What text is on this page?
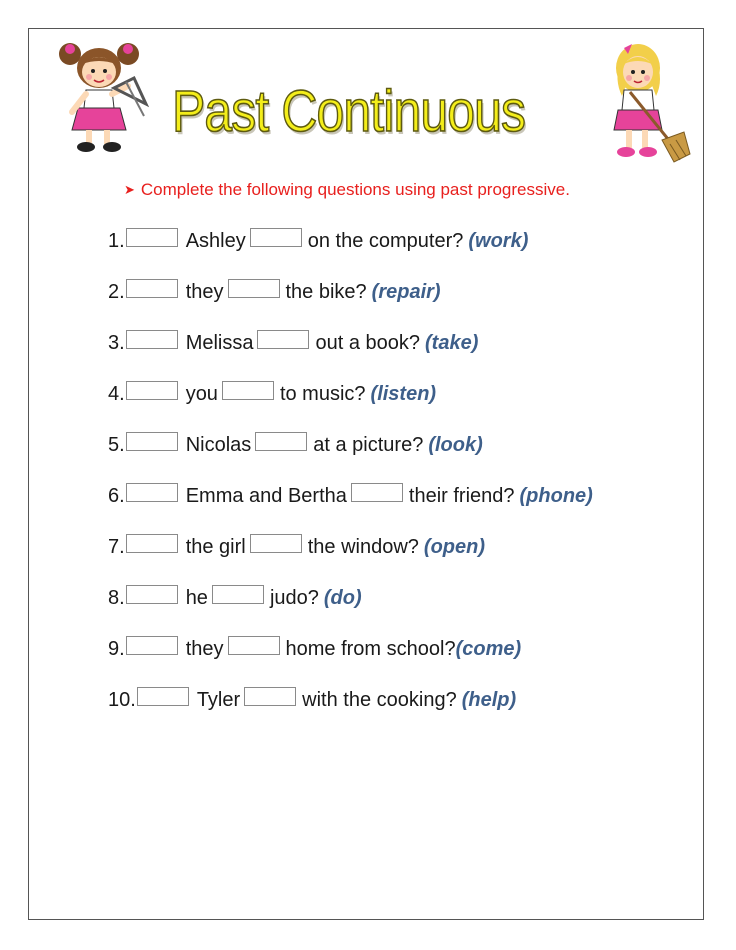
Past Continuous
➤ Complete the following questions using past progressive.
1.	Ashley	on the computer? (work)
2.	they	the bike? (repair)
3.	Melissa	out a book? (take)
4.	you	to music? (listen)
5.	Nicolas	at a picture? (look)
6.	Emma and Bertha	their friend? (phone)
7.	the girl	the window? (open)
8.	he	judo? (do)
9.	they	home from school? (come)
10.	Tyler	with the cooking? (help)
